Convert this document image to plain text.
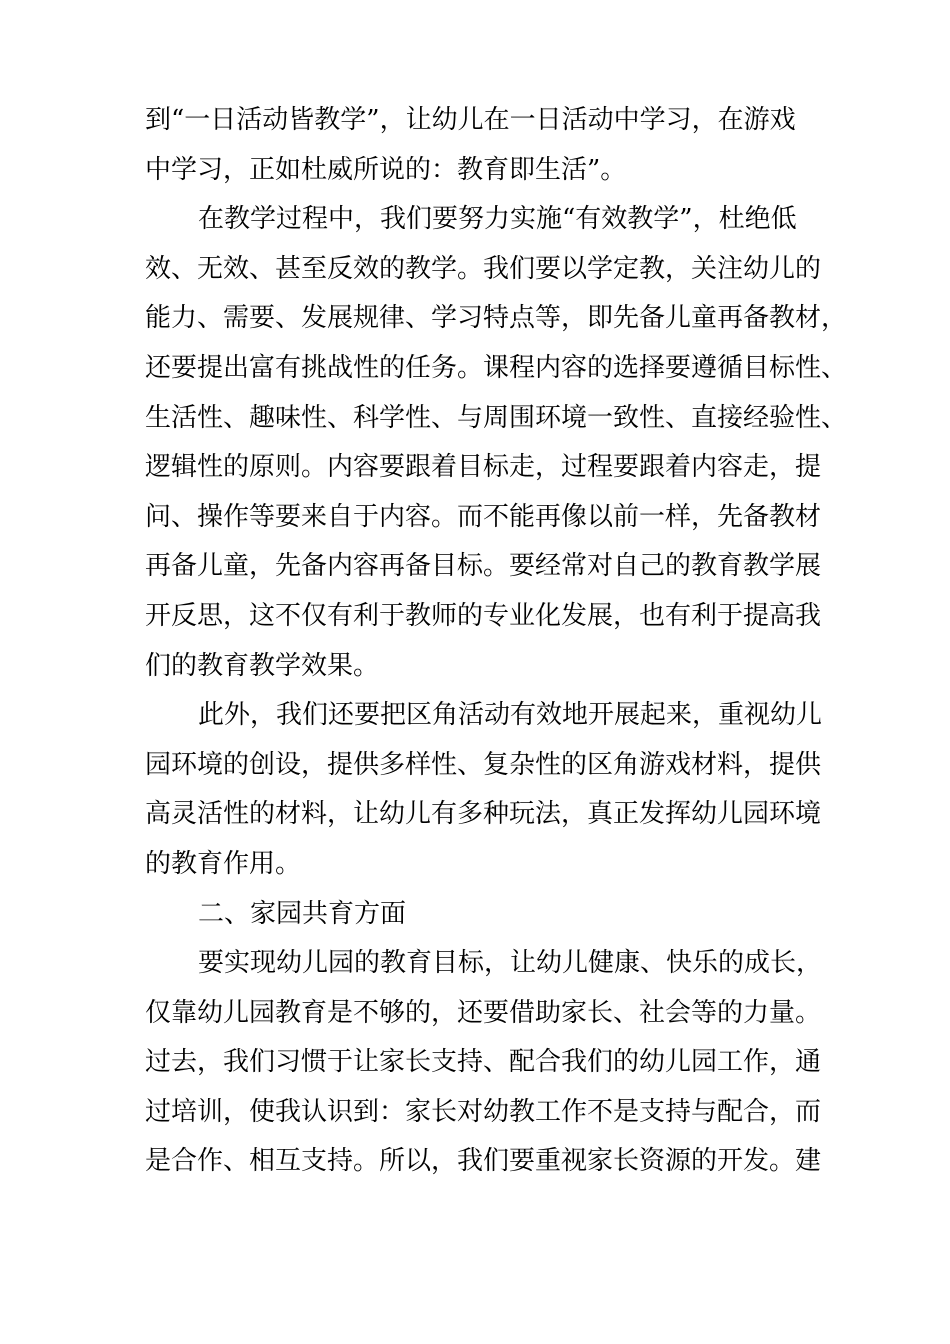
到“一日活动皆教学”，让幼儿在一日活动中学习，在游戏
中学习，正如杜威所说的：教育即生活”。
在教学过程中，我们要努力实施“有效教学”，杜绝低
效、无效、甚至反效的教学。我们要以学定教，关注幼儿的
能力、需要、发展规律、学习特点等，即先备儿童再备教材，
还要提出富有挑战性的任务。课程内容的选择要遵循目标性、
生活性、趣味性、科学性、与周围环境一致性、直接经验性、
逻辑性的原则。内容要跟着目标走，过程要跟着内容走，提
问、操作等要来自于内容。而不能再像以前一样，先备教材
再备儿童，先备内容再备目标。要经常对自己的教育教学展
开反思，这不仅有利于教师的专业化发展，也有利于提高我
们的教育教学效果。
此外，我们还要把区角活动有效地开展起来，重视幼儿
园环境的创设，提供多样性、复杂性的区角游戏材料，提供
高灵活性的材料，让幼儿有多种玩法，真正发挥幼儿园环境
的教育作用。
二、家园共育方面
要实现幼儿园的教育目标，让幼儿健康、快乐的成长，
仅靠幼儿园教育是不够的，还要借助家长、社会等的力量。
过去，我们习惯于让家长支持、配合我们的幼儿园工作，通
过培训，使我认识到：家长对幼教工作不是支持与配合，而
是合作、相互支持。所以，我们要重视家长资源的开发。建
